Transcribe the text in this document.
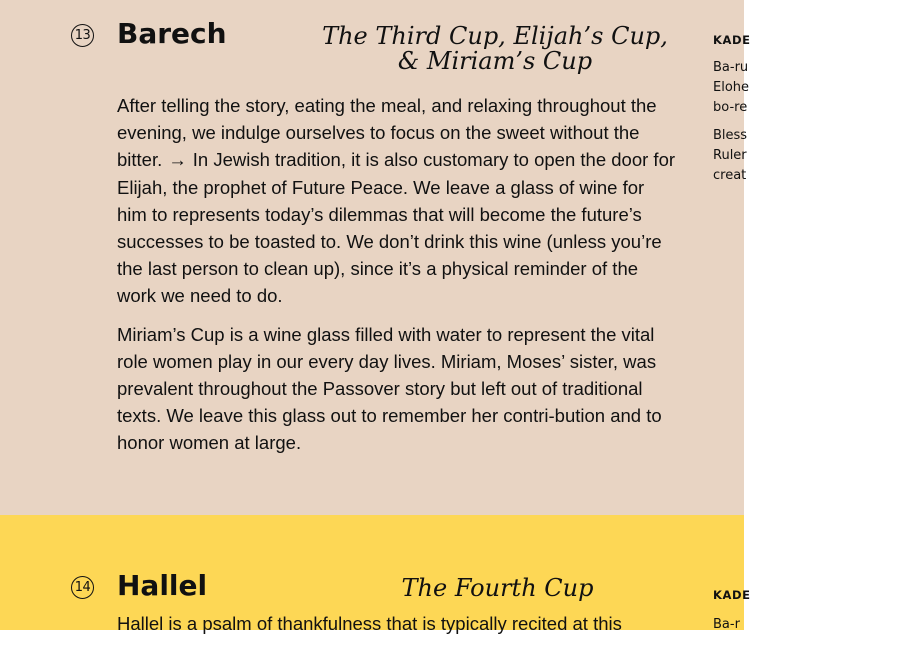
13 Barech	The Third Cup, Elijah’s Cup,
& Miriam’s Cup

After telling the story, eating the meal, and relaxing throughout the evening, we indulge ourselves to focus on the sweet without the bitter. → In Jewish tradition, it is also customary to open the door for Elijah, the prophet of Future Peace. We leave a glass of wine for him to represents today’s dilemmas that will become the future’s successes to be toasted to. We don’t drink this wine (unless you’re the last person to clean up), since it’s a physical reminder of the work we need to do.

Miriam’s Cup is a wine glass filled with water to represent the vital role women play in our every day lives. Miriam, Moses’ sister, was prevalent throughout the Passover story but left out of traditional texts. We leave this glass out to remember her contri-bution and to honor women at large.

KADE

Ba-ru

Elohe

bo-re

Bless

Ruler

creat

14 Hallel	The Fourth Cup

Hallel is a psalm of thankfulness that is typically recited at this

KADE

Ba-r
